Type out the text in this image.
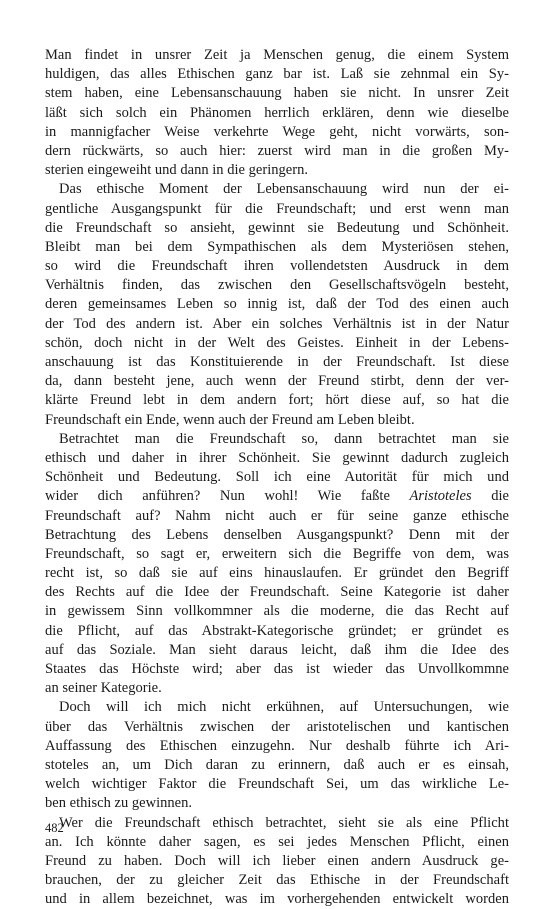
Man findet in unsrer Zeit ja Menschen genug, die einem System
huldigen, das alles Ethischen ganz bar ist. Laß sie zehnmal ein Sy-
stem haben, eine Lebensanschauung haben sie nicht. In unsrer Zeit
läßt sich solch ein Phänomen herrlich erklären, denn wie dieselbe
in mannigfacher Weise verkehrte Wege geht, nicht vorwärts, son-
dern rückwärts, so auch hier: zuerst wird man in die großen My-
sterien eingeweiht und dann in die geringern.
Das ethische Moment der Lebensanschauung wird nun der ei-
gentliche Ausgangspunkt für die Freundschaft; und erst wenn man
die Freundschaft so ansieht, gewinnt sie Bedeutung und Schönheit.
Bleibt man bei dem Sympathischen als dem Mysteriösen stehen,
so wird die Freundschaft ihren vollendetsten Ausdruck in dem
Verhältnis finden, das zwischen den Gesellschaftsvögeln besteht,
deren gemeinsames Leben so innig ist, daß der Tod des einen auch
der Tod des andern ist. Aber ein solches Verhältnis ist in der Natur
schön, doch nicht in der Welt des Geistes. Einheit in der Lebens-
anschauung ist das Konstituierende in der Freundschaft. Ist diese
da, dann besteht jene, auch wenn der Freund stirbt, denn der ver-
klärte Freund lebt in dem andern fort; hört diese auf, so hat die
Freundschaft ein Ende, wenn auch der Freund am Leben bleibt.
Betrachtet man die Freundschaft so, dann betrachtet man sie
ethisch und daher in ihrer Schönheit. Sie gewinnt dadurch zugleich
Schönheit und Bedeutung. Soll ich eine Autorität für mich und
wider dich anführen? Nun wohl! Wie faßte Aristoteles die
Freundschaft auf? Nahm nicht auch er für seine ganze ethische
Betrachtung des Lebens denselben Ausgangspunkt? Denn mit der
Freundschaft, so sagt er, erweitern sich die Begriffe von dem, was
recht ist, so daß sie auf eins hinauslaufen. Er gründet den Begriff
des Rechts auf die Idee der Freundschaft. Seine Kategorie ist daher
in gewissem Sinn vollkommner als die moderne, die das Recht auf
die Pflicht, auf das Abstrakt-Kategorische gründet; er gründet es
auf das Soziale. Man sieht daraus leicht, daß ihm die Idee des
Staates das Höchste wird; aber das ist wieder das Unvollkommne
an seiner Kategorie.
Doch will ich mich nicht erkühnen, auf Untersuchungen, wie
über das Verhältnis zwischen der aristotelischen und kantischen
Auffassung des Ethischen einzugehn. Nur deshalb führte ich Ari-
stoteles an, um Dich daran zu erinnern, daß auch er es einsah,
welch wichtiger Faktor die Freundschaft Sei, um das wirkliche Le-
ben ethisch zu gewinnen.
Wer die Freundschaft ethisch betrachtet, sieht sie als eine Pflicht
an. Ich könnte daher sagen, es sei jedes Menschen Pflicht, einen
Freund zu haben. Doch will ich lieber einen andern Ausdruck ge-
brauchen, der zu gleicher Zeit das Ethische in der Freundschaft
und in allem bezeichnet, was im vorhergehenden entwickelt worden
482
